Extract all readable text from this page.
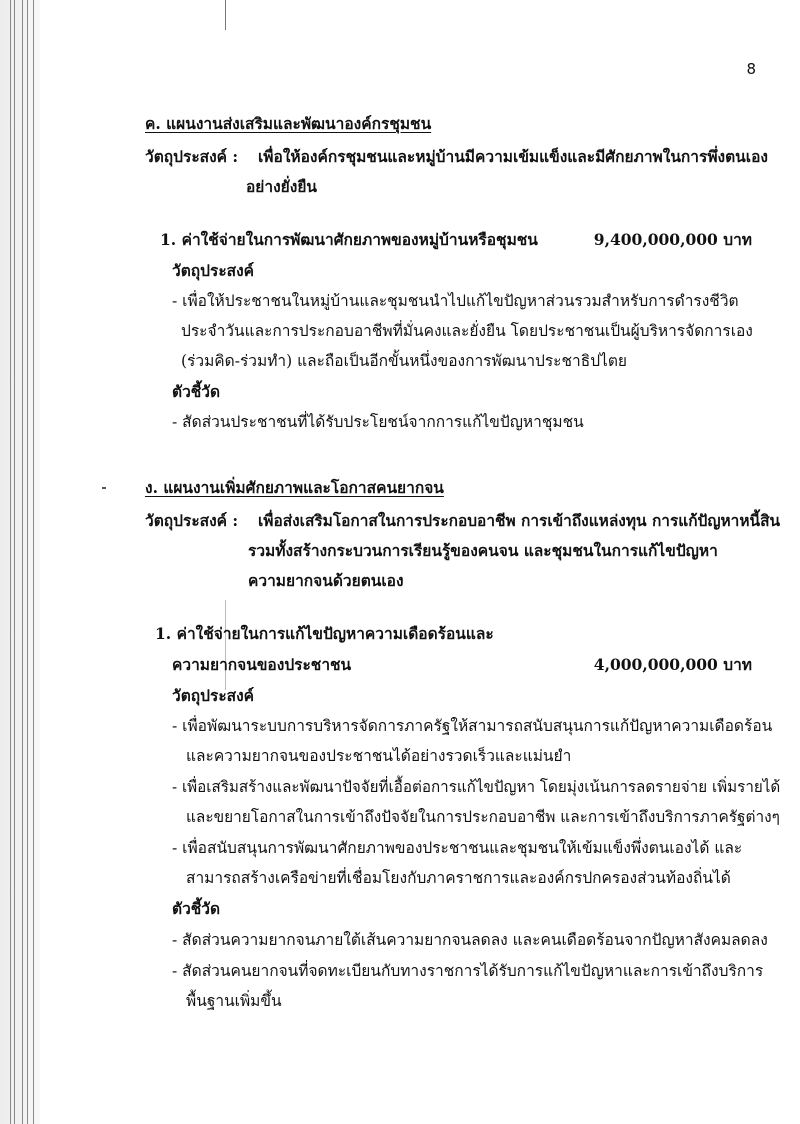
8
ค. แผนงานส่งเสริมและพัฒนาองค์กรชุมชน
วัตถุประสงค์ : เพื่อให้องค์กรชุมชนและหมู่บ้านมีความเข้มแข็งและมีศักยภาพในการพึ่งตนเอง
อย่างยั่งยืน
1. ค่าใช้จ่ายในการพัฒนาศักยภาพของหมู่บ้านหรือชุมชน	9,400,000,000 บาท
วัตถุประสงค์
- เพื่อให้ประชาชนในหมู่บ้านและชุมชนนำไปแก้ไขปัญหาส่วนรวมสำหรับการดำรงชีวิต
ประจำวันและการประกอบอาชีพที่มั่นคงและยั่งยืน โดยประชาชนเป็นผู้บริหารจัดการเอง
(ร่วมคิด-ร่วมทำ) และถือเป็นอีกขั้นหนึ่งของการพัฒนาประชาธิปไตย
ตัวชี้วัด
- สัดส่วนประชาชนที่ได้รับประโยชน์จากการแก้ไขปัญหาชุมชน
ง. แผนงานเพิ่มศักยภาพและโอกาสคนยากจน
วัตถุประสงค์ : เพื่อส่งเสริมโอกาสในการประกอบอาชีพ การเข้าถึงแหล่งทุน การแก้ปัญหาหนี้สิน
รวมทั้งสร้างกระบวนการเรียนรู้ของคนจน และชุมชนในการแก้ไขปัญหา
ความยากจนด้วยตนเอง
1. ค่าใช้จ่ายในการแก้ไขปัญหาความเดือดร้อนและ
ความยากจนของประชาชน	4,000,000,000 บาท
วัตถุประสงค์
- เพื่อพัฒนาระบบการบริหารจัดการภาครัฐให้สามารถสนับสนุนการแก้ปัญหาความเดือดร้อน
และความยากจนของประชาชนได้อย่างรวดเร็วและแม่นยำ
- เพื่อเสริมสร้างและพัฒนาปัจจัยที่เอื้อต่อการแก้ไขปัญหา โดยมุ่งเน้นการลดรายจ่าย เพิ่มรายได้
และขยายโอกาสในการเข้าถึงปัจจัยในการประกอบอาชีพ และการเข้าถึงบริการภาครัฐต่างๆ
- เพื่อสนับสนุนการพัฒนาศักยภาพของประชาชนและชุมชนให้เข้มแข็งพึ่งตนเองได้ และ
สามารถสร้างเครือข่ายที่เชื่อมโยงกับภาคราชการและองค์กรปกครองส่วนท้องถิ่นได้
ตัวชี้วัด
- สัดส่วนความยากจนภายใต้เส้นความยากจนลดลง และคนเดือดร้อนจากปัญหาสังคมลดลง
- สัดส่วนคนยากจนที่จดทะเบียนกับทางราชการได้รับการแก้ไขปัญหาและการเข้าถึงบริการ
พื้นฐานเพิ่มขึ้น
